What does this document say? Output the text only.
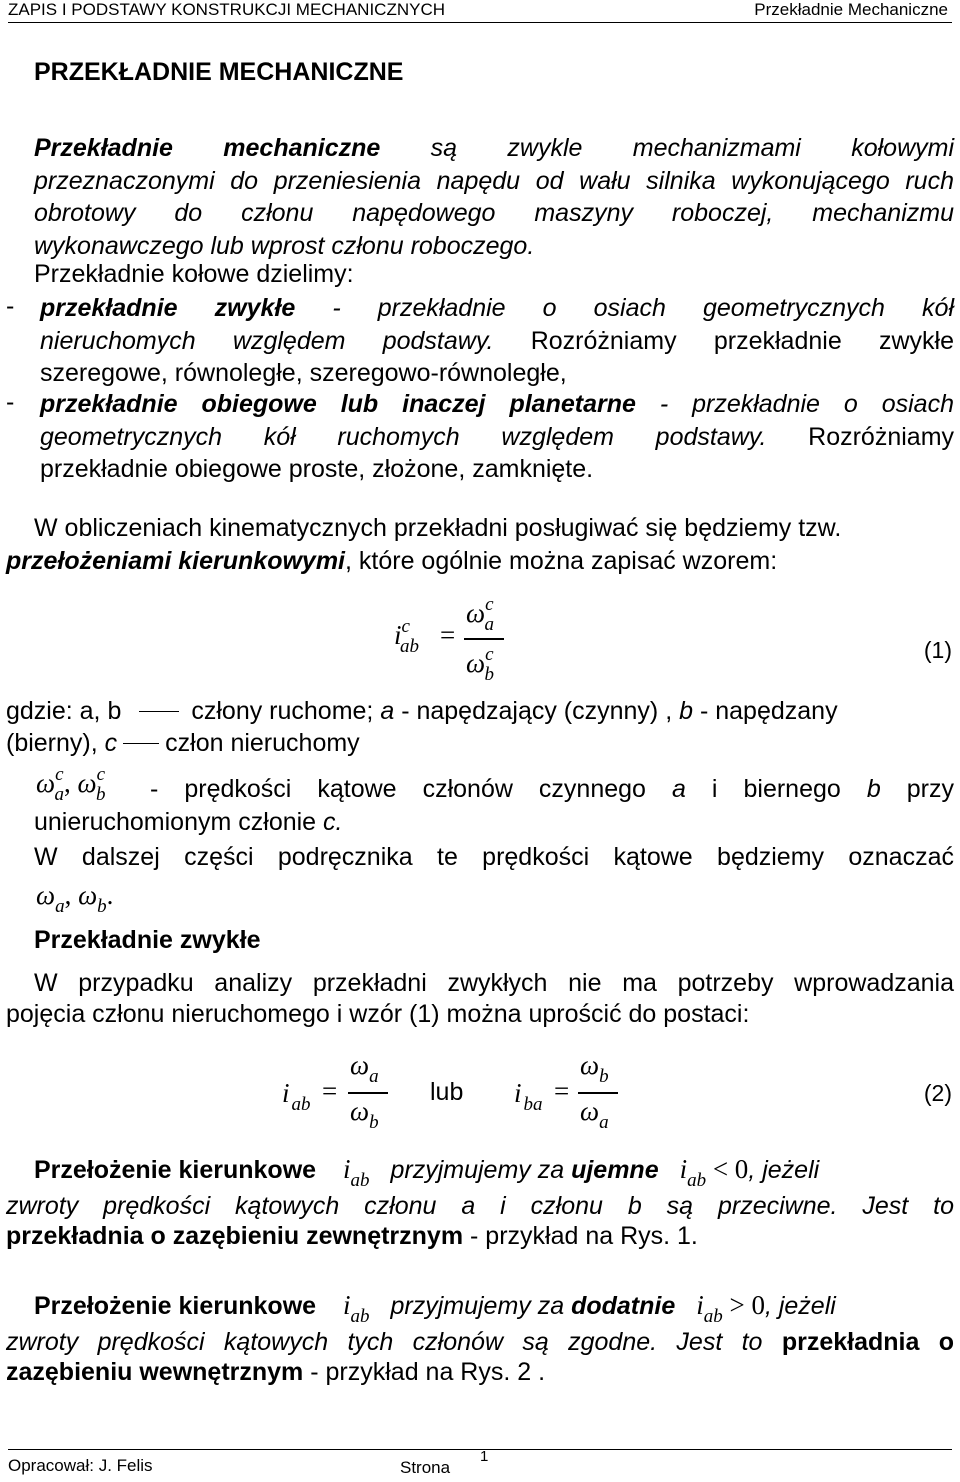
ZAPIS I PODSTAWY KONSTRUKCJI MECHANICZNYCH	Przekładnie Mechaniczne
PRZEKŁADNIE MECHANICZNE
Przekładnie mechaniczne są zwykle mechanizmami kołowymi
przeznaczonymi do przeniesienia napędu od wału silnika wykonującego ruch
obrotowy do członu napędowego maszyny roboczej, mechanizmu
wykonawczego lub wprost członu roboczego.
Przekładnie kołowe dzielimy:
- przekładnie zwykłe - przekładnie o osiach geometrycznych kół
nieruchomych względem podstawy. Rozróżniamy przekładnie zwykłe
szeregowe, równoległe, szeregowo-równoległe,
- przekładnie obiegowe lub inaczej planetarne - przekładnie o osiach
geometrycznych kół ruchomych względem podstawy. Rozróżniamy
przekładnie obiegowe proste, złożone, zamknięte.
W obliczeniach kinematycznych przekładni posługiwać się będziemy tzw.
przełożeniami kierunkowymi, które ogólnie można zapisać wzorem:
$i^c_{ab}$ =
$\omega^c_a$
$\omega^c_b$
(1)
gdzie: a, b	człony ruchome; a - napędzający (czynny) , b - napędzany
(bierny), c człon nieruchomy
$\omega^c_a$, $\omega^c_b$ - prędkości kątowe członów czynnego a i biernego b przy
unieruchomionym członie c.
W dalszej części podręcznika te prędkości kątowe będziemy oznaczać
$\omega_a$, $\omega_b$.
Przekładnie zwykłe
W przypadku analizy przekładni zwykłych nie ma potrzeby wprowadzania
pojęcia członu nieruchomego i wzór (1) można uprościć do postaci:
i $_{ab}$ =
$\omega_a$
$\omega_b$
lub i $_{ba}$ =
$\omega_b$
$\omega_a$
(2)
Przełożenie kierunkowe $i_{ab}$ przyjmujemy za ujemne $i_{ab} < 0$, jeżeli
zwroty prędkości kątowych członu a i członu b są przeciwne. Jest to
przekładnia o zazębieniu zewnętrznym - przykład na Rys. 1.
Przełożenie kierunkowe $i_{ab}$ przyjmujemy za dodatnie $i_{ab} > 0$, jeżeli
zwroty prędkości kątowych tych członów są zgodne. Jest to przekładnia o
zazębieniu wewnętrznym - przykład na Rys. 2 .
Opracował: J. Felis	Strona
1
